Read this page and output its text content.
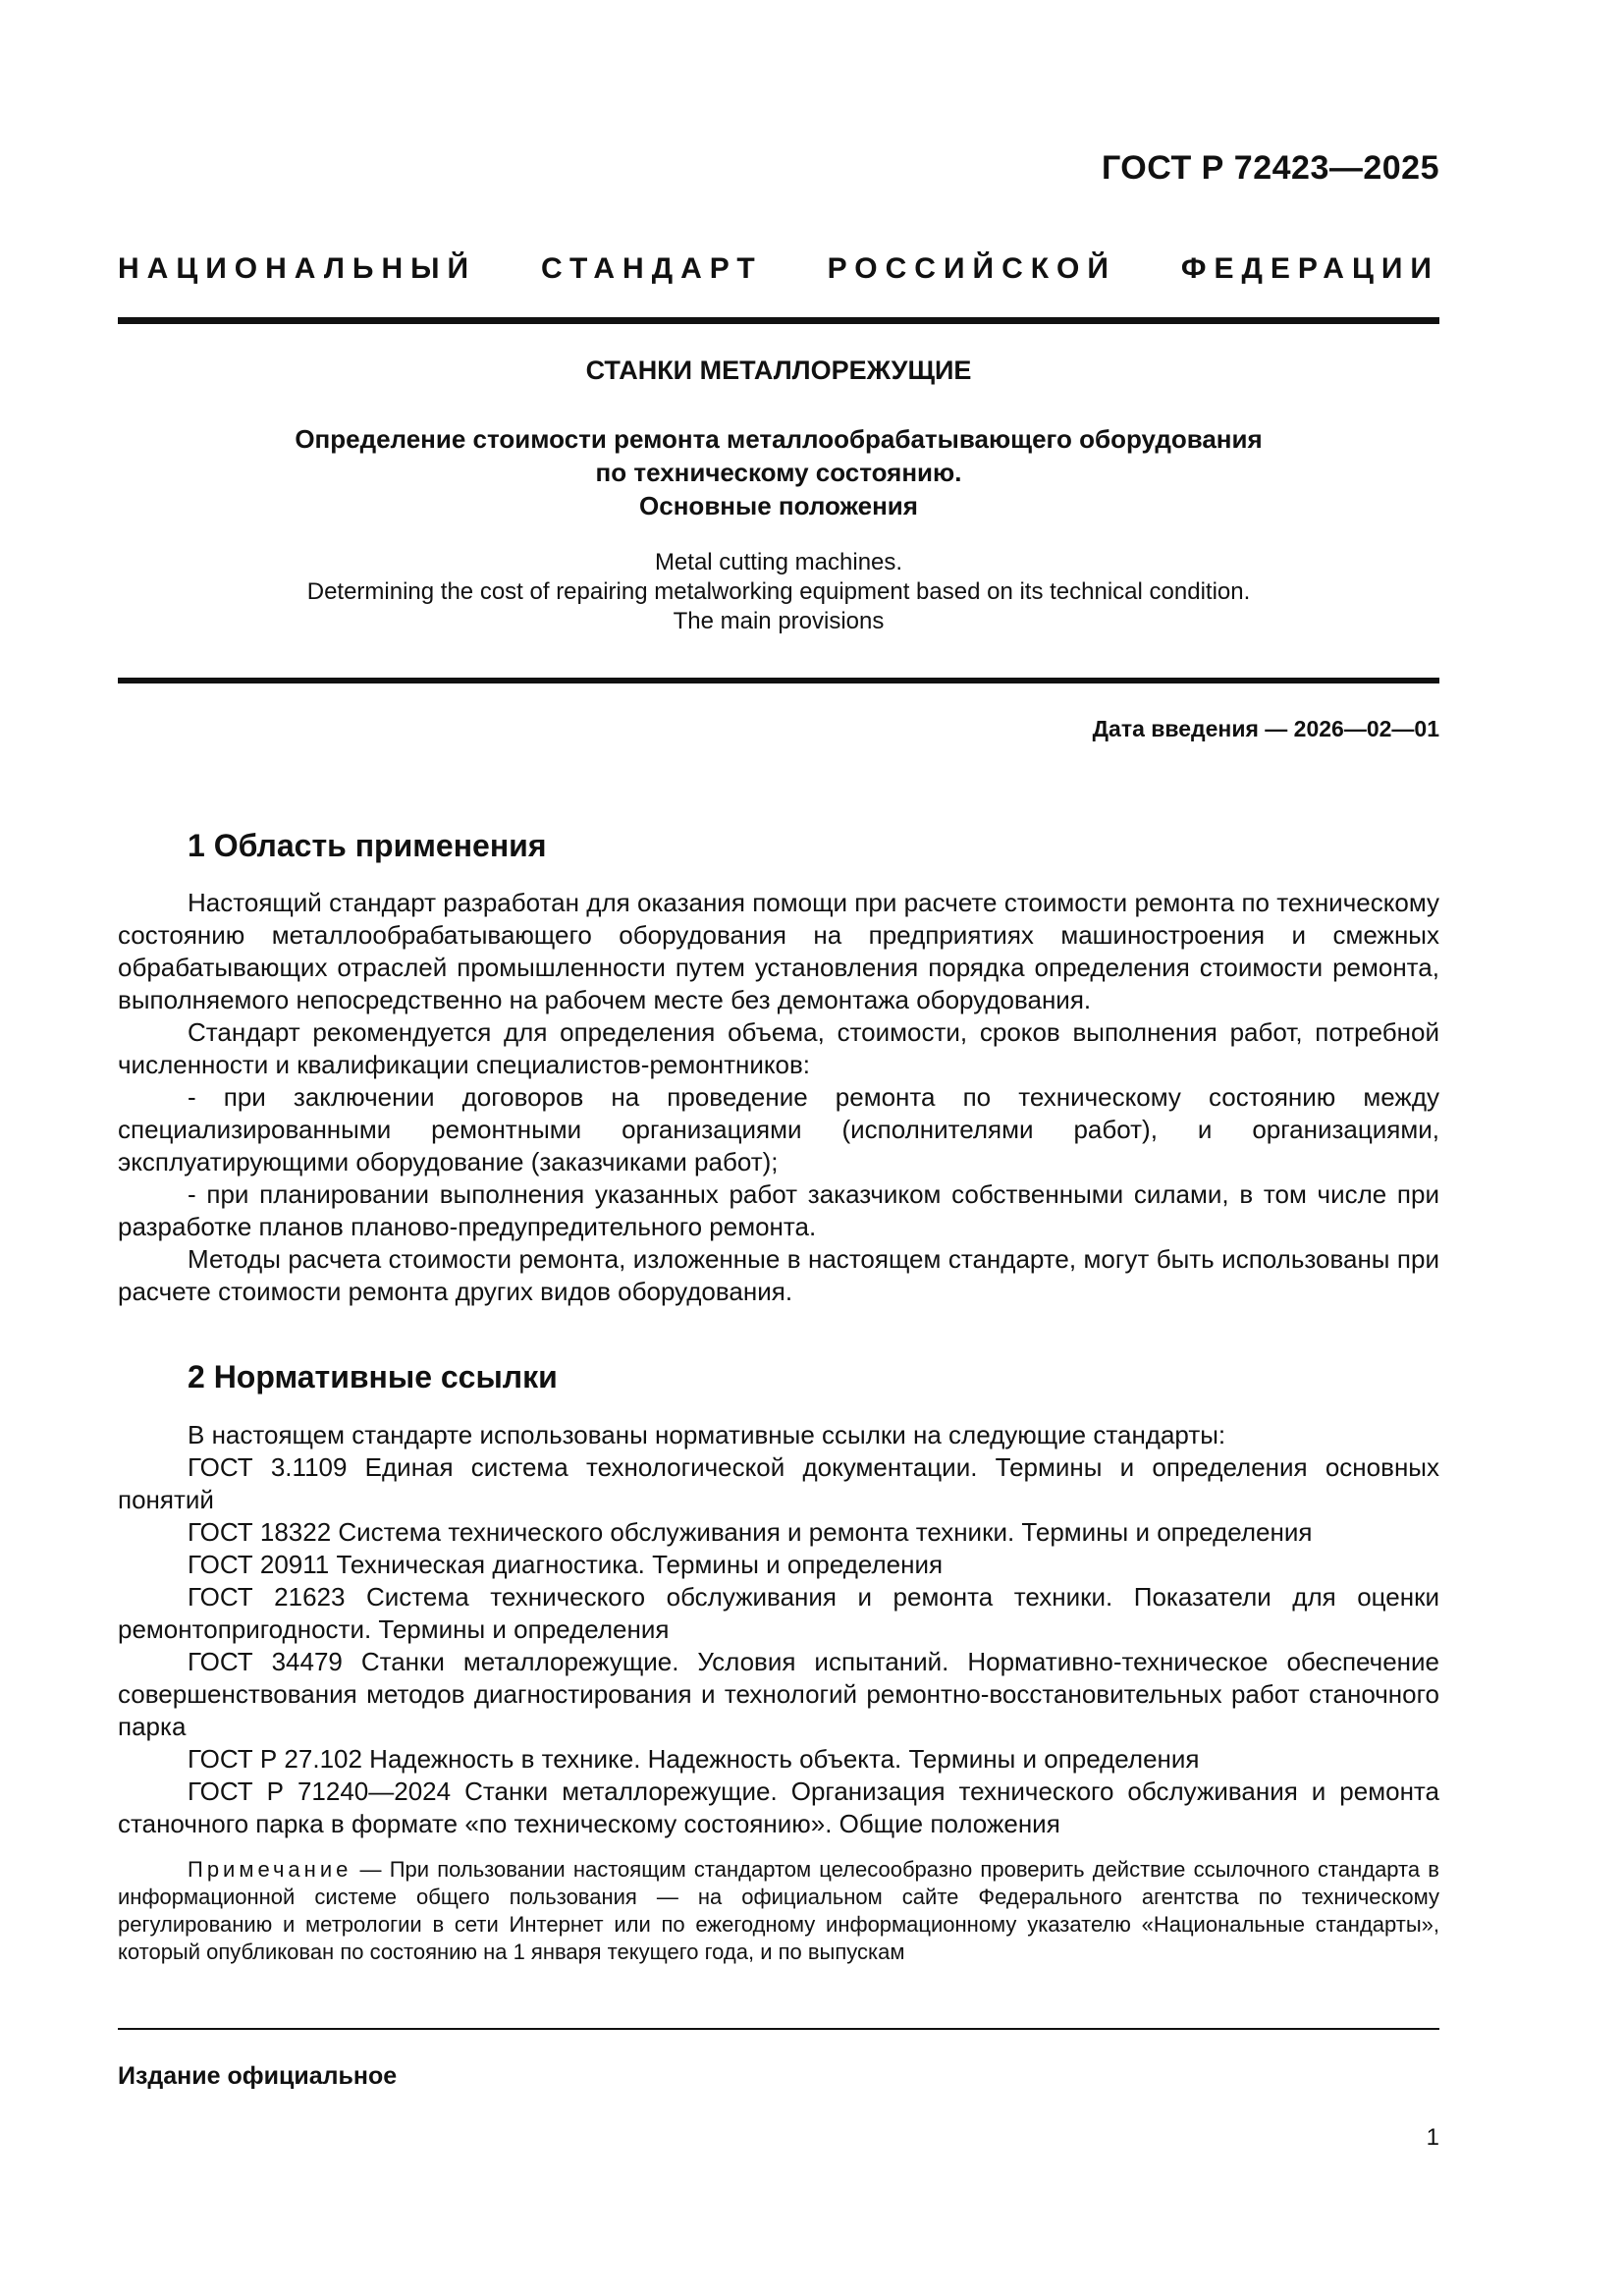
ГОСТ Р 72423—2025
НАЦИОНАЛЬНЫЙ СТАНДАРТ РОССИЙСКОЙ ФЕДЕРАЦИИ
СТАНКИ МЕТАЛЛОРЕЖУЩИЕ
Определение стоимости ремонта металлообрабатывающего оборудования
по техническому состоянию.
Основные положения
Metal cutting machines.
Determining the cost of repairing metalworking equipment based on its technical condition.
The main provisions
Дата введения — 2026—02—01
1 Область применения

Настоящий стандарт разработан для оказания помощи при расчете стоимости ремонта по техническому состоянию металлообрабатывающего оборудования на предприятиях машиностроения и смежных обрабатывающих отраслей промышленности путем установления порядка определения стоимости ремонта, выполняемого непосредственно на рабочем месте без демонтажа оборудования.

Стандарт рекомендуется для определения объема, стоимости, сроков выполнения работ, потребной численности и квалификации специалистов-ремонтников:

- при заключении договоров на проведение ремонта по техническому состоянию между специализированными ремонтными организациями (исполнителями работ), и организациями, эксплуатирующими оборудование (заказчиками работ);

- при планировании выполнения указанных работ заказчиком собственными силами, в том числе при разработке планов планово-предупредительного ремонта.

Методы расчета стоимости ремонта, изложенные в настоящем стандарте, могут быть использованы при расчете стоимости ремонта других видов оборудования.

2 Нормативные ссылки

В настоящем стандарте использованы нормативные ссылки на следующие стандарты:

ГОСТ 3.1109 Единая система технологической документации. Термины и определения основных понятий

ГОСТ 18322 Система технического обслуживания и ремонта техники. Термины и определения

ГОСТ 20911 Техническая диагностика. Термины и определения

ГОСТ 21623 Система технического обслуживания и ремонта техники. Показатели для оценки ремонтопригодности. Термины и определения

ГОСТ 34479 Станки металлорежущие. Условия испытаний. Нормативно-техническое обеспечение совершенствования методов диагностирования и технологий ремонтно-восстановительных работ станочного парка

ГОСТ Р 27.102 Надежность в технике. Надежность объекта. Термины и определения

ГОСТ Р 71240—2024 Станки металлорежущие. Организация технического обслуживания и ремонта станочного парка в формате «по техническому состоянию». Общие положения

Примечание — При пользовании настоящим стандартом целесообразно проверить действие ссылочного стандарта в информационной системе общего пользования — на официальном сайте Федерального агентства по техническому регулированию и метрологии в сети Интернет или по ежегодному информационному указателю «Национальные стандарты», который опубликован по состоянию на 1 января текущего года, и по выпускам

Издание официальное
1
